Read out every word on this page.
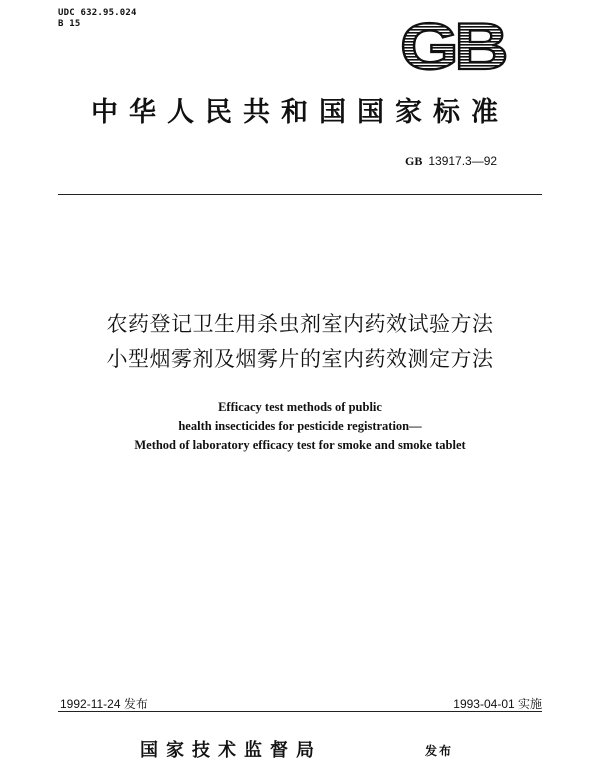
UDC 632.95.024
B 15	GB
中华人民共和国国家标准
GB 13917.3—92
农药登记卫生用杀虫剂室内药效试验方法
小型烟雾剂及烟雾片的室内药效测定方法
Efficacy test methods of public
health insecticides for pesticide registration—
Method of laboratory efficacy test for smoke and smoke tablet
1992-11-24 发布	1993-04-01 实施
国家技术监督局	发布
